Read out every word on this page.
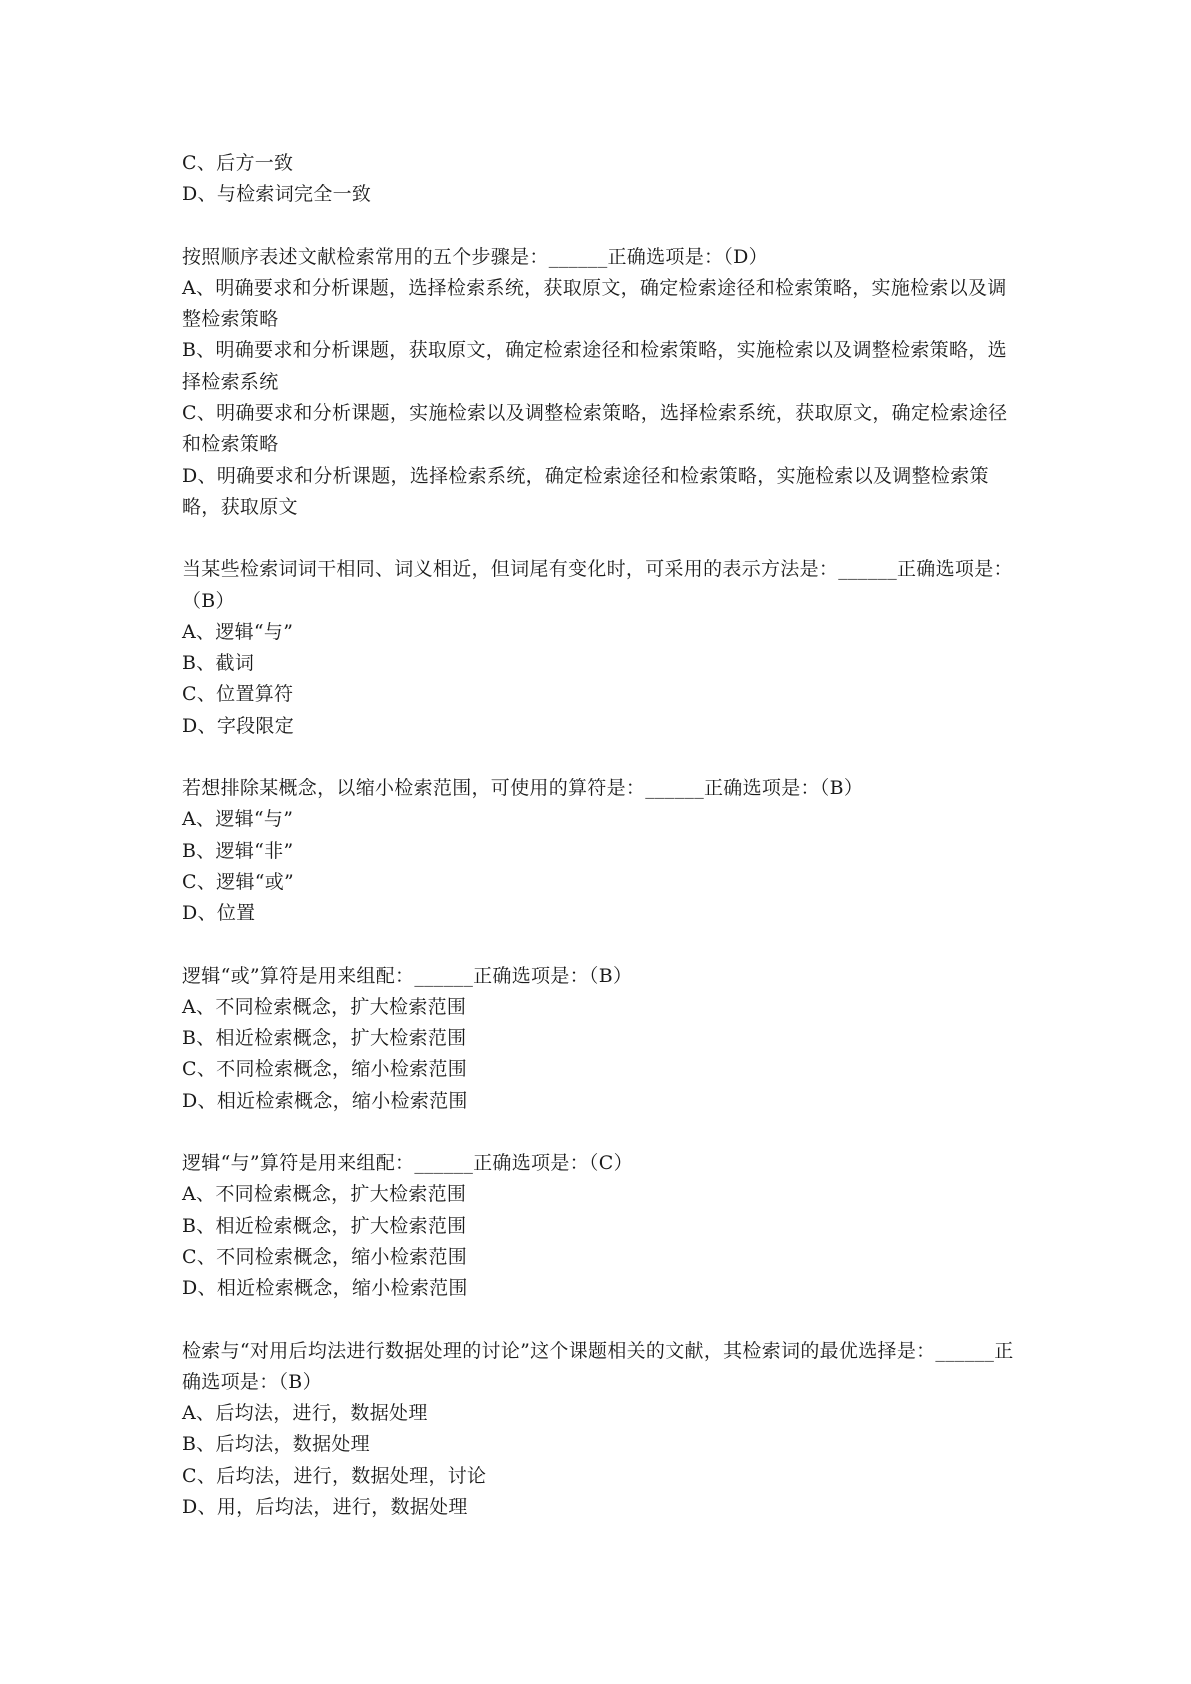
C、后方一致
D、与检索词完全一致
按照顺序表述文献检索常用的五个步骤是：______正确选项是：（D）
A、明确要求和分析课题，选择检索系统，获取原文，确定检索途径和检索策略，实施检索以及调整检索策略
B、明确要求和分析课题，获取原文，确定检索途径和检索策略，实施检索以及调整检索策略，选择检索系统
C、明确要求和分析课题，实施检索以及调整检索策略，选择检索系统，获取原文，确定检索途径和检索策略
D、明确要求和分析课题，选择检索系统，确定检索途径和检索策略，实施检索以及调整检索策略，获取原文
当某些检索词词干相同、词义相近，但词尾有变化时，可采用的表示方法是：______正确选项是：（B）
A、逻辑“与”
B、截词
C、位置算符
D、字段限定
若想排除某概念，以缩小检索范围，可使用的算符是：______正确选项是：（B）
A、逻辑“与”
B、逻辑“非”
C、逻辑“或”
D、位置
逻辑“或”算符是用来组配：______正确选项是：（B）
A、不同检索概念，扩大检索范围
B、相近检索概念，扩大检索范围
C、不同检索概念，缩小检索范围
D、相近检索概念，缩小检索范围
逻辑“与”算符是用来组配：______正确选项是：（C）
A、不同检索概念，扩大检索范围
B、相近检索概念，扩大检索范围
C、不同检索概念，缩小检索范围
D、相近检索概念，缩小检索范围
检索与“对用后均法进行数据处理的讨论”这个课题相关的文献，其检索词的最优选择是：______正确选项是：（B）
A、后均法，进行，数据处理
B、后均法，数据处理
C、后均法，进行，数据处理，讨论
D、用，后均法，进行，数据处理
